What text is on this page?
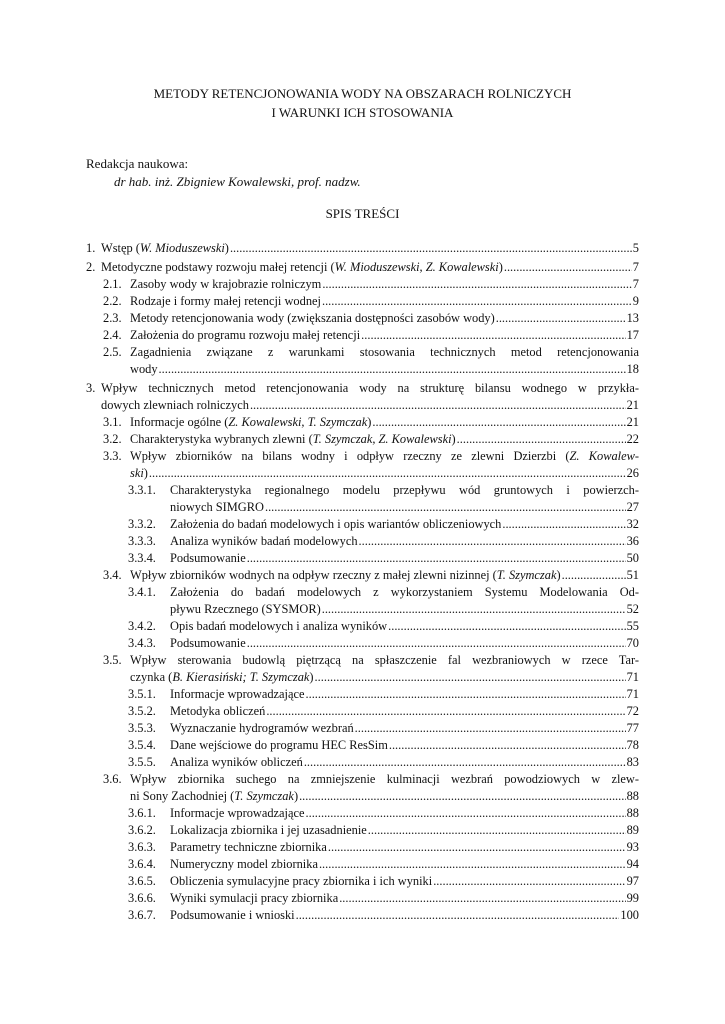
METODY RETENCJONOWANIA WODY NA OBSZARACH ROLNICZYCH
I WARUNKI ICH STOSOWANIA
Redakcja naukowa:
dr hab. inż. Zbigniew Kowalewski, prof. nadzw.
SPIS TREŚCI
1. Wstęp (W. Mioduszewski) .....	5
2. Metodyczne podstawy rozwoju małej retencji (W. Mioduszewski, Z. Kowalewski) .....	7
2.1. Zasoby wody w krajobrazie rolniczym .....	7
2.2. Rodzaje i formy małej retencji wodnej .....	9
2.3. Metody retencjonowania wody (zwiększania dostępności zasobów wody) .....	13
2.4. Założenia do programu rozwoju małej retencji .....	17
2.5. Zagadnienia związane z warunkami stosowania technicznych metod retencjonowania
wody .....	18
3. Wpływ technicznych metod retencjonowania wody na strukturę bilansu wodnego w przykła-
dowych zlewniach rolniczych .....	21
3.1. Informacje ogólne (Z. Kowalewski, T. Szymczak) .....	21
3.2. Charakterystyka wybranych zlewni (T. Szymczak, Z. Kowalewski) .....	22
3.3. Wpływ zbiorników na bilans wodny i odpływ rzeczny ze zlewni Dzierzbi (Z. Kowalew-
ski) .....	26
3.3.1. Charakterystyka regionalnego modelu przepływu wód gruntowych i powierzch-
niowych SIMGRO .....	27
3.3.2. Założenia do badań modelowych i opis wariantów obliczeniowych .....	32
3.3.3. Analiza wyników badań modelowych .....	36
3.3.4. Podsumowanie .....	50
3.4. Wpływ zbiorników wodnych na odpływ rzeczny z małej zlewni nizinnej (T. Szymczak) .....	51
3.4.1. Założenia do badań modelowych z wykorzystaniem Systemu Modelowania Od-
pływu Rzecznego (SYSMOR) .....	52
3.4.2. Opis badań modelowych i analiza wyników .....	55
3.4.3. Podsumowanie .....	70
3.5. Wpływ sterowania budowlą piętrzącą na spłaszczenie fal wezbraniowych w rzece Tar-
czynka (B. Kierasiński; T. Szymczak) .....	71
3.5.1. Informacje wprowadzające .....	71
3.5.2. Metodyka obliczeń .....	72
3.5.3. Wyznaczanie hydrogramów wezbrań .....	77
3.5.4. Dane wejściowe do programu HEC ResSim .....	78
3.5.5. Analiza wyników obliczeń .....	83
3.6. Wpływ zbiornika suchego na zmniejszenie kulminacji wezbrań powodziowych w zlew-
ni Sony Zachodniej (T. Szymczak) .....	88
3.6.1. Informacje wprowadzające .....	88
3.6.2. Lokalizacja zbiornika i jej uzasadnienie .....	89
3.6.3. Parametry techniczne zbiornika .....	93
3.6.4. Numeryczny model zbiornika .....	94
3.6.5. Obliczenia symulacyjne pracy zbiornika i ich wyniki .....	97
3.6.6. Wyniki symulacji pracy zbiornika .....	99
3.6.7. Podsumowanie i wnioski .....	100
